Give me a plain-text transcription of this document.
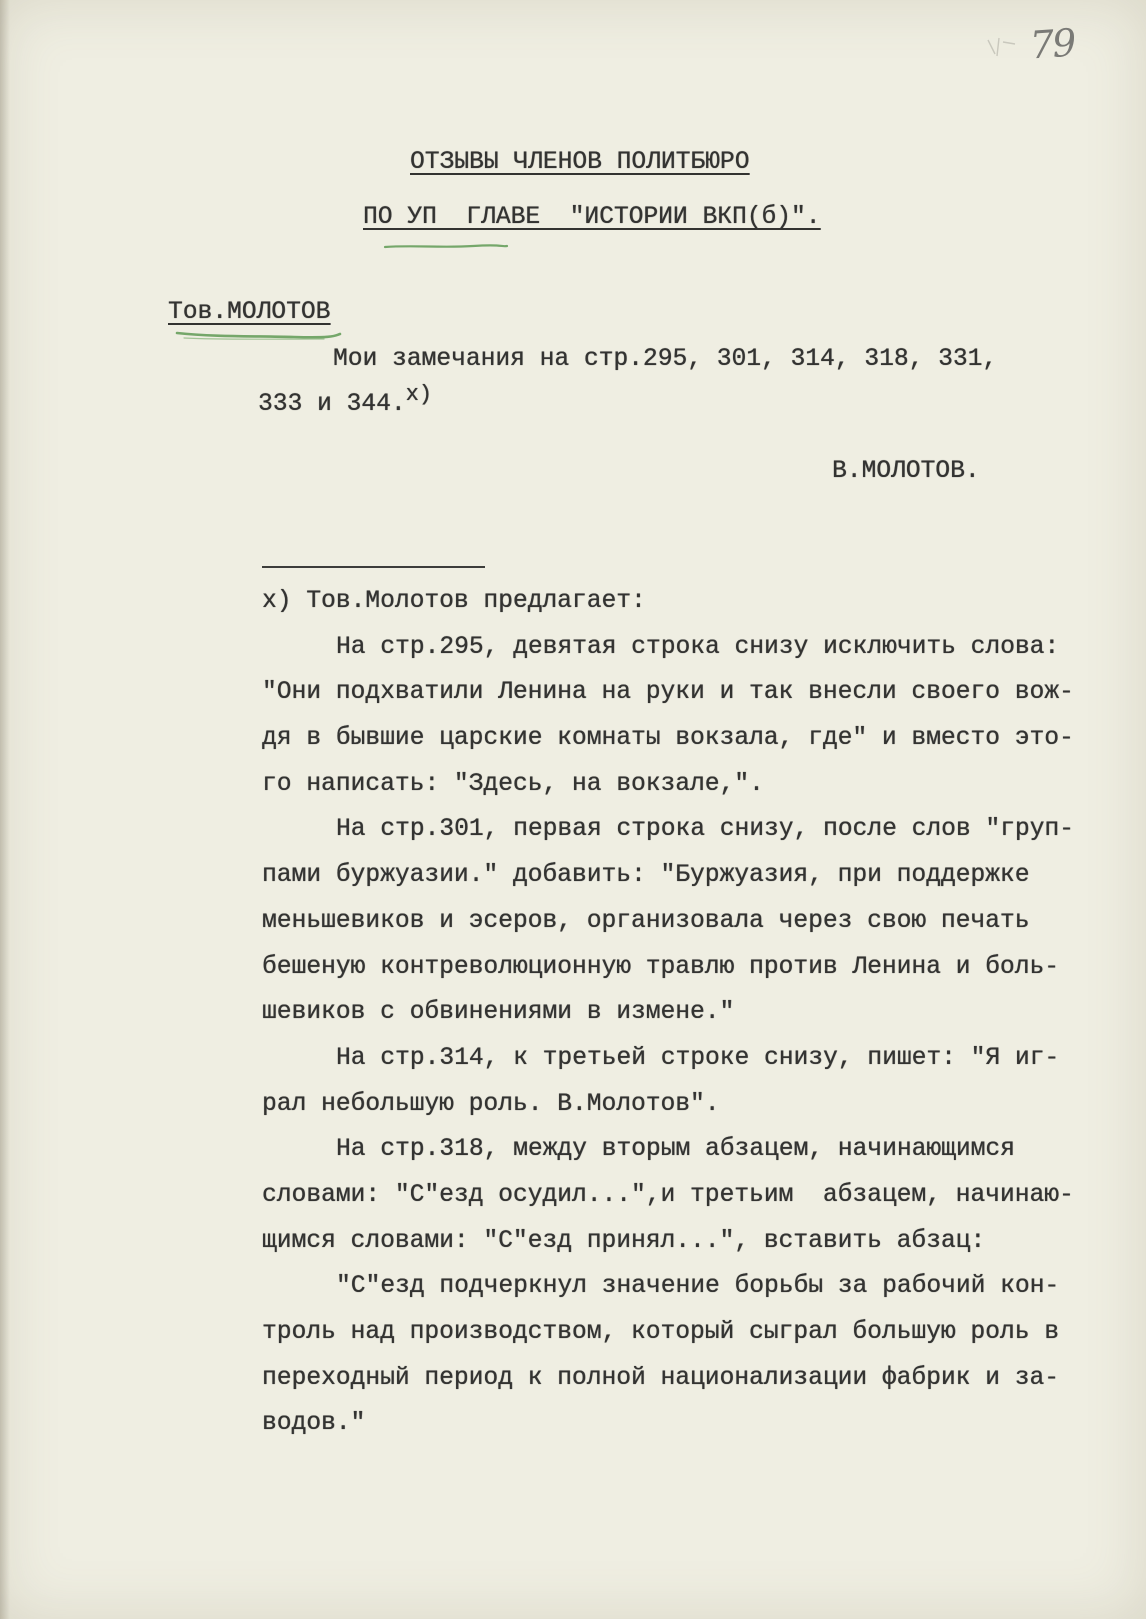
79
ОТЗЫВЫ ЧЛЕНОВ ПОЛИТБЮРО
ПО УП  ГЛАВЕ  "ИСТОРИИ ВКП(б)".
Тов.МОЛОТОВ
Мои замечания на стр.295, 301, 314, 318, 331,
333 и 344.x)
В.МОЛОТОВ.
x) Тов.Молотов предлагает:
На стр.295, девятая строка снизу исключить слова:
"Они подхватили Ленина на руки и так внесли своего вож-
дя в бывшие царские комнаты вокзала, где" и вместо это-
го написать: "Здесь, на вокзале,".
На стр.301, первая строка снизу, после слов "груп-
пами буржуазии." добавить: "Буржуазия, при поддержке
меньшевиков и эсеров, организовала через свою печать
бешеную контреволюционную травлю против Ленина и боль-
шевиков с обвинениями в измене."
На стр.314, к третьей строке снизу, пишет: "Я иг-
рал небольшую роль. В.Молотов".
На стр.318, между вторым абзацем, начинающимся
словами: "С"езд осудил...",и третьим  абзацем, начинаю-
щимся словами: "С"езд принял...", вставить абзац:
"С"езд подчеркнул значение борьбы за рабочий кон-
троль над производством, который сыграл большую роль в
переходный период к полной национализации фабрик и за-
водов."
